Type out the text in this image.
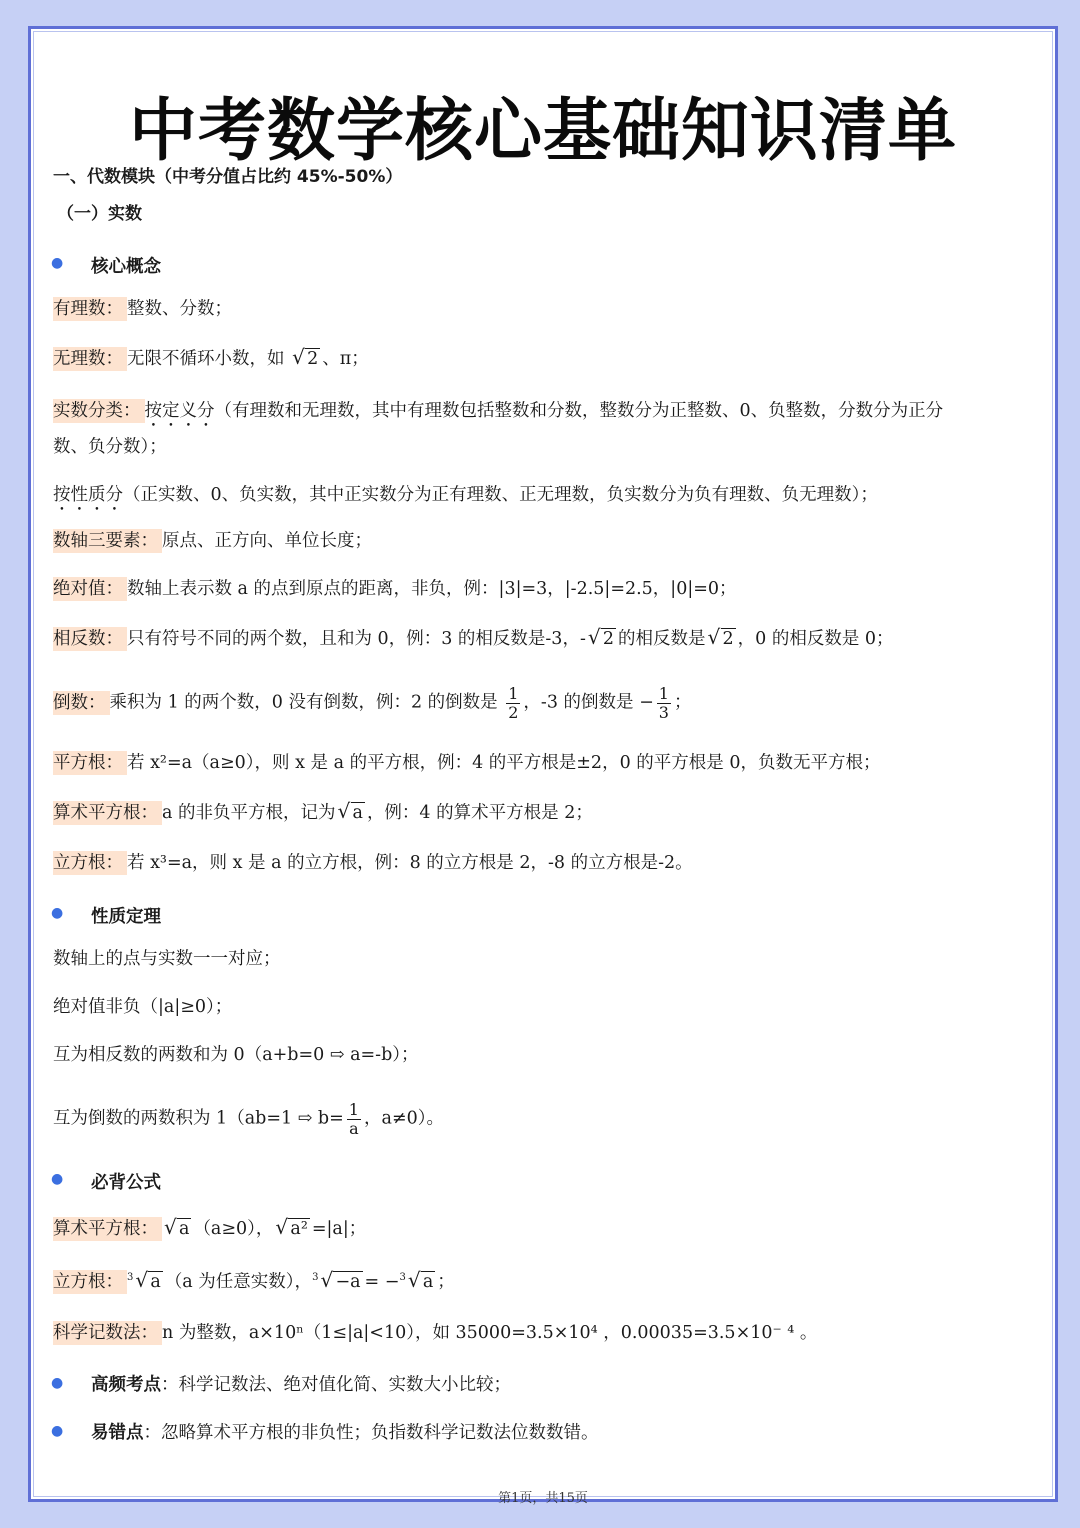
中考数学核心基础知识清单
一、代数模块（中考分值占比约 45%-50%）
（一）实数
● 核心概念
有理数： 整数、分数；
无理数： 无限不循环小数，如 √ 2 、π；
实数分类： 按定义分（有理数和无理数，其中有理数包括整数和分数，整数分为正整数、0、负整数，分数分为正分
数、负分数）；
按性质分（正实数、0、负实数，其中正实数分为正有理数、正无理数，负实数分为负有理数、负无理数）；
数轴三要素： 原点、正方向、单位长度；
绝对值： 数轴上表示数 a 的点到原点的距离，非负，例：|3|=3，|-2.5|=2.5，|0|=0；
相反数： 只有符号不同的两个数，且和为 0，例：3 的相反数是-3，- √ 2 的相反数是 √ 2 ，0 的相反数是 0；
倒数： 乘积为 1 的两个数，0 没有倒数，例：2 的倒数是 $\frac{1}{2}$ ，-3 的倒数是 − $\frac{1}{3}$ ；
平方根： 若 x²=a（a≥0），则 x 是 a 的平方根，例：4 的平方根是±2，0 的平方根是 0，负数无平方根；
算术平方根： a 的非负平方根，记为 √ a ，例：4 的算术平方根是 2；
立方根： 若 x³=a，则 x 是 a 的立方根，例：8 的立方根是 2，-8 的立方根是-2。
● 性质定理
数轴上的点与实数一一对应；
绝对值非负（|a|≥0）；
互为相反数的两数和为 0（a+b=0 ⇨ a=-b）；
互为倒数的两数积为 1（ab=1 ⇨ $b= \frac{1}{a}$ ，a≠0）。
● 必背公式
算术平方根： √ a （a≥0）， √ a² =|a|；
立方根： $^3$ √ a （a 为任意实数），$^3$ √ −a = −$^3$ √ a ；
科学记数法： n 为整数，a×10ⁿ（1≤|a|<10），如 35000=3.5×10⁴ ，0.00035=3.5×10⁻ ⁴ 。
● 高频考点：科学记数法、绝对值化简、实数大小比较；
● 易错点：忽略算术平方根的非负性；负指数科学记数法位数数错。
第1页，共15页
